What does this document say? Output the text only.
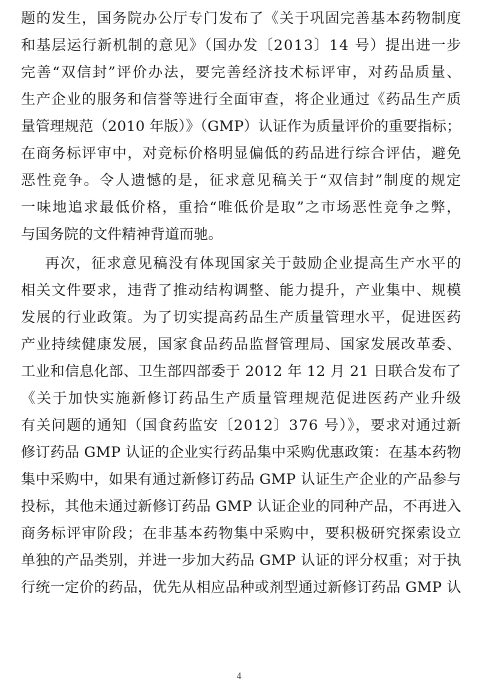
题的发生，国务院办公厅专门发布了《关于巩固完善基本药物制度
和基层运行新机制的意见》（国办发〔2013〕14 号）提出进一步
完善“双信封”评价办法，要完善经济技术标评审，对药品质量、
生产企业的服务和信誉等进行全面审查，将企业通过《药品生产质
量管理规范（2010 年版）》（GMP）认证作为质量评价的重要指标；
在商务标评审中，对竞标价格明显偏低的药品进行综合评估，避免
恶性竞争。令人遗憾的是，征求意见稿关于“双信封”制度的规定
一味地追求最低价格，重拾“唯低价是取”之市场恶性竞争之弊，
与国务院的文件精神背道而驰。
再次，征求意见稿没有体现国家关于鼓励企业提高生产水平的
相关文件要求，违背了推动结构调整、能力提升，产业集中、规模
发展的行业政策。为了切实提高药品生产质量管理水平，促进医药
产业持续健康发展，国家食品药品监督管理局、国家发展改革委、
工业和信息化部、卫生部四部委于 2012 年 12 月 21 日联合发布了
《关于加快实施新修订药品生产质量管理规范促进医药产业升级
有关问题的通知（国食药监安〔2012〕376 号）》，要求对通过新
修订药品 GMP 认证的企业实行药品集中采购优惠政策：在基本药物
集中采购中，如果有通过新修订药品 GMP 认证生产企业的产品参与
投标，其他未通过新修订药品 GMP 认证企业的同种产品，不再进入
商务标评审阶段；在非基本药物集中采购中，要积极研究探索设立
单独的产品类别，并进一步加大药品 GMP 认证的评分权重；对于执
行统一定价的药品，优先从相应品种或剂型通过新修订药品 GMP 认
4
